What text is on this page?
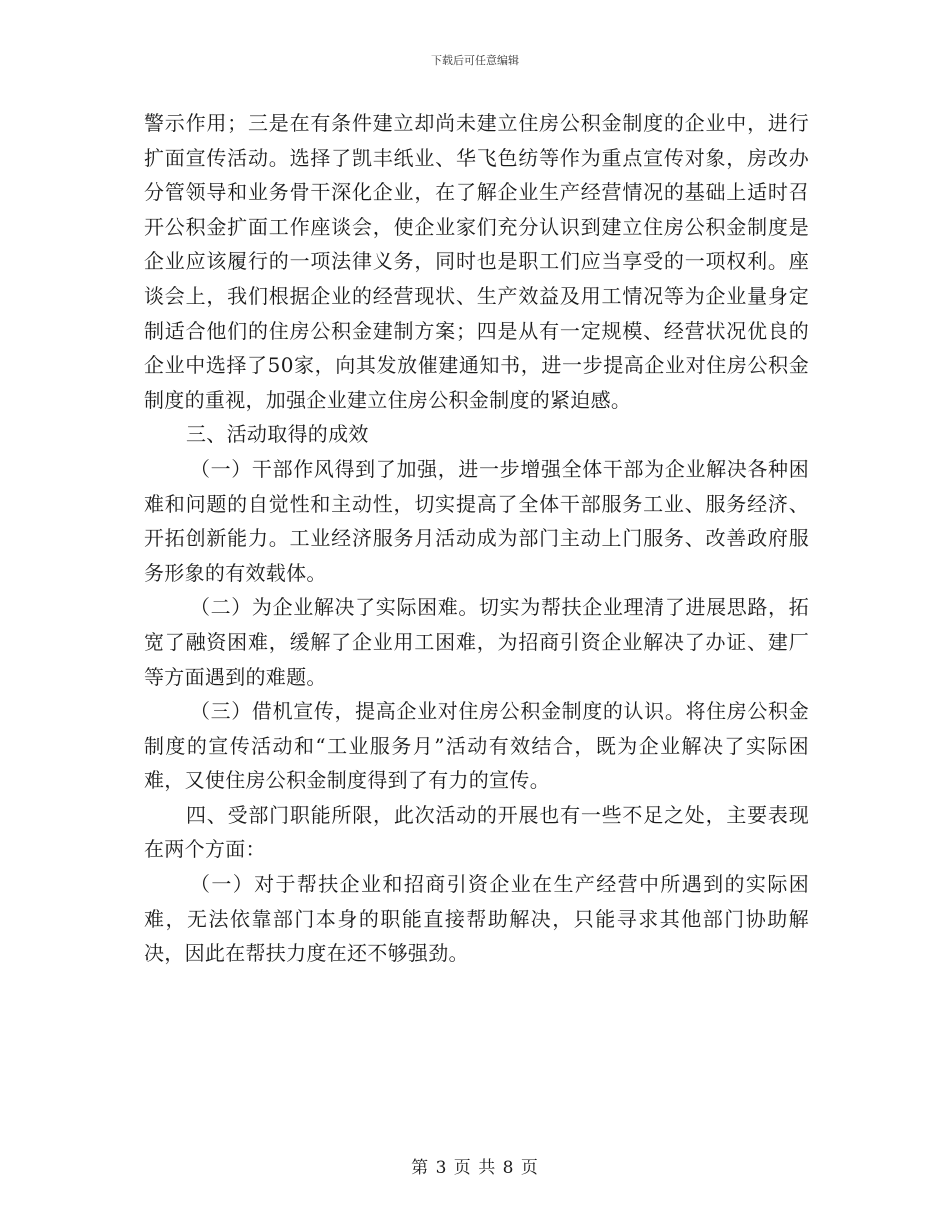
下载后可任意编辑

警示作用；三是在有条件建立却尚未建立住房公积金制度的企业中，进行扩面宣传活动。选择了凯丰纸业、华飞色纺等作为重点宣传对象，房改办分管领导和业务骨干深化企业，在了解企业生产经营情况的基础上适时召开公积金扩面工作座谈会，使企业家们充分认识到建立住房公积金制度是企业应该履行的一项法律义务，同时也是职工们应当享受的一项权利。座谈会上，我们根据企业的经营现状、生产效益及用工情况等为企业量身定制适合他们的住房公积金建制方案；四是从有一定规模、经营状况优良的企业中选择了50家，向其发放催建通知书，进一步提高企业对住房公积金制度的重视，加强企业建立住房公积金制度的紧迫感。

三、活动取得的成效

（一）干部作风得到了加强，进一步增强全体干部为企业解决各种困难和问题的自觉性和主动性，切实提高了全体干部服务工业、服务经济、开拓创新能力。工业经济服务月活动成为部门主动上门服务、改善政府服务形象的有效载体。

（二）为企业解决了实际困难。切实为帮扶企业理清了进展思路，拓宽了融资困难，缓解了企业用工困难，为招商引资企业解决了办证、建厂等方面遇到的难题。

（三）借机宣传，提高企业对住房公积金制度的认识。将住房公积金制度的宣传活动和“工业服务月”活动有效结合，既为企业解决了实际困难，又使住房公积金制度得到了有力的宣传。

四、受部门职能所限，此次活动的开展也有一些不足之处，主要表现在两个方面：

（一）对于帮扶企业和招商引资企业在生产经营中所遇到的实际困难，无法依靠部门本身的职能直接帮助解决，只能寻求其他部门协助解决，因此在帮扶力度在还不够强劲。

第 3 页 共 8 页
